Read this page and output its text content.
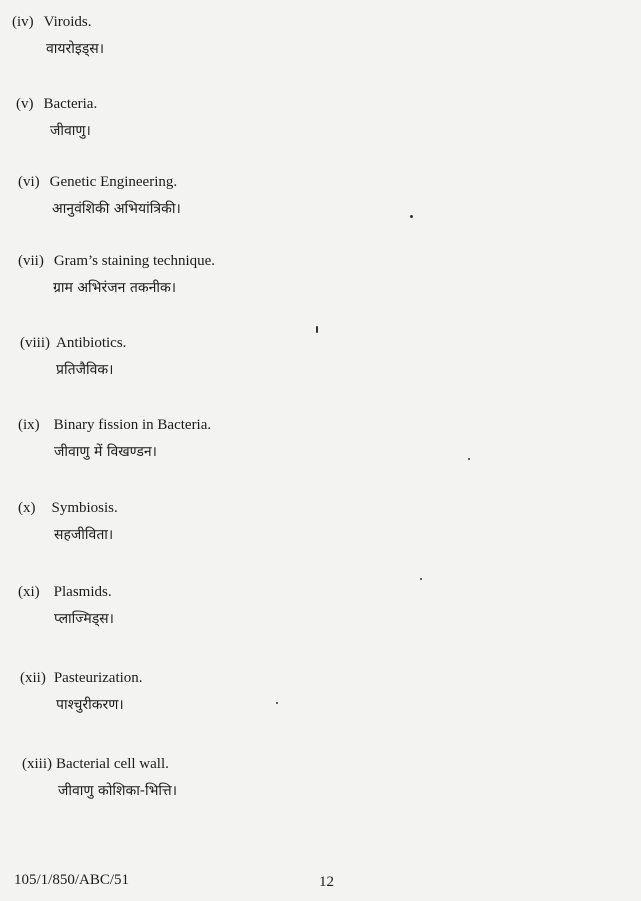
(iv) Viroids.
वायरोइड्स।
(v) Bacteria.
जीवाणु।
(vi) Genetic Engineering.
आनुवंशिकी अभियांत्रिकी।
(vii) Gram’s staining technique.
ग्राम अभिरंजन तकनीक।
(viii) Antibiotics.
प्रतिजैविक।
(ix) Binary fission in Bacteria.
जीवाणु में विखण्डन।
(x) Symbiosis.
सहजीविता।
(xi) Plasmids.
प्लाज्मिड्स।
(xii) Pasteurization.
पाश्चुरीकरण।
(xiii) Bacterial cell wall.
जीवाणु कोशिका-भित्ति।
105/1/850/ABC/51	12
